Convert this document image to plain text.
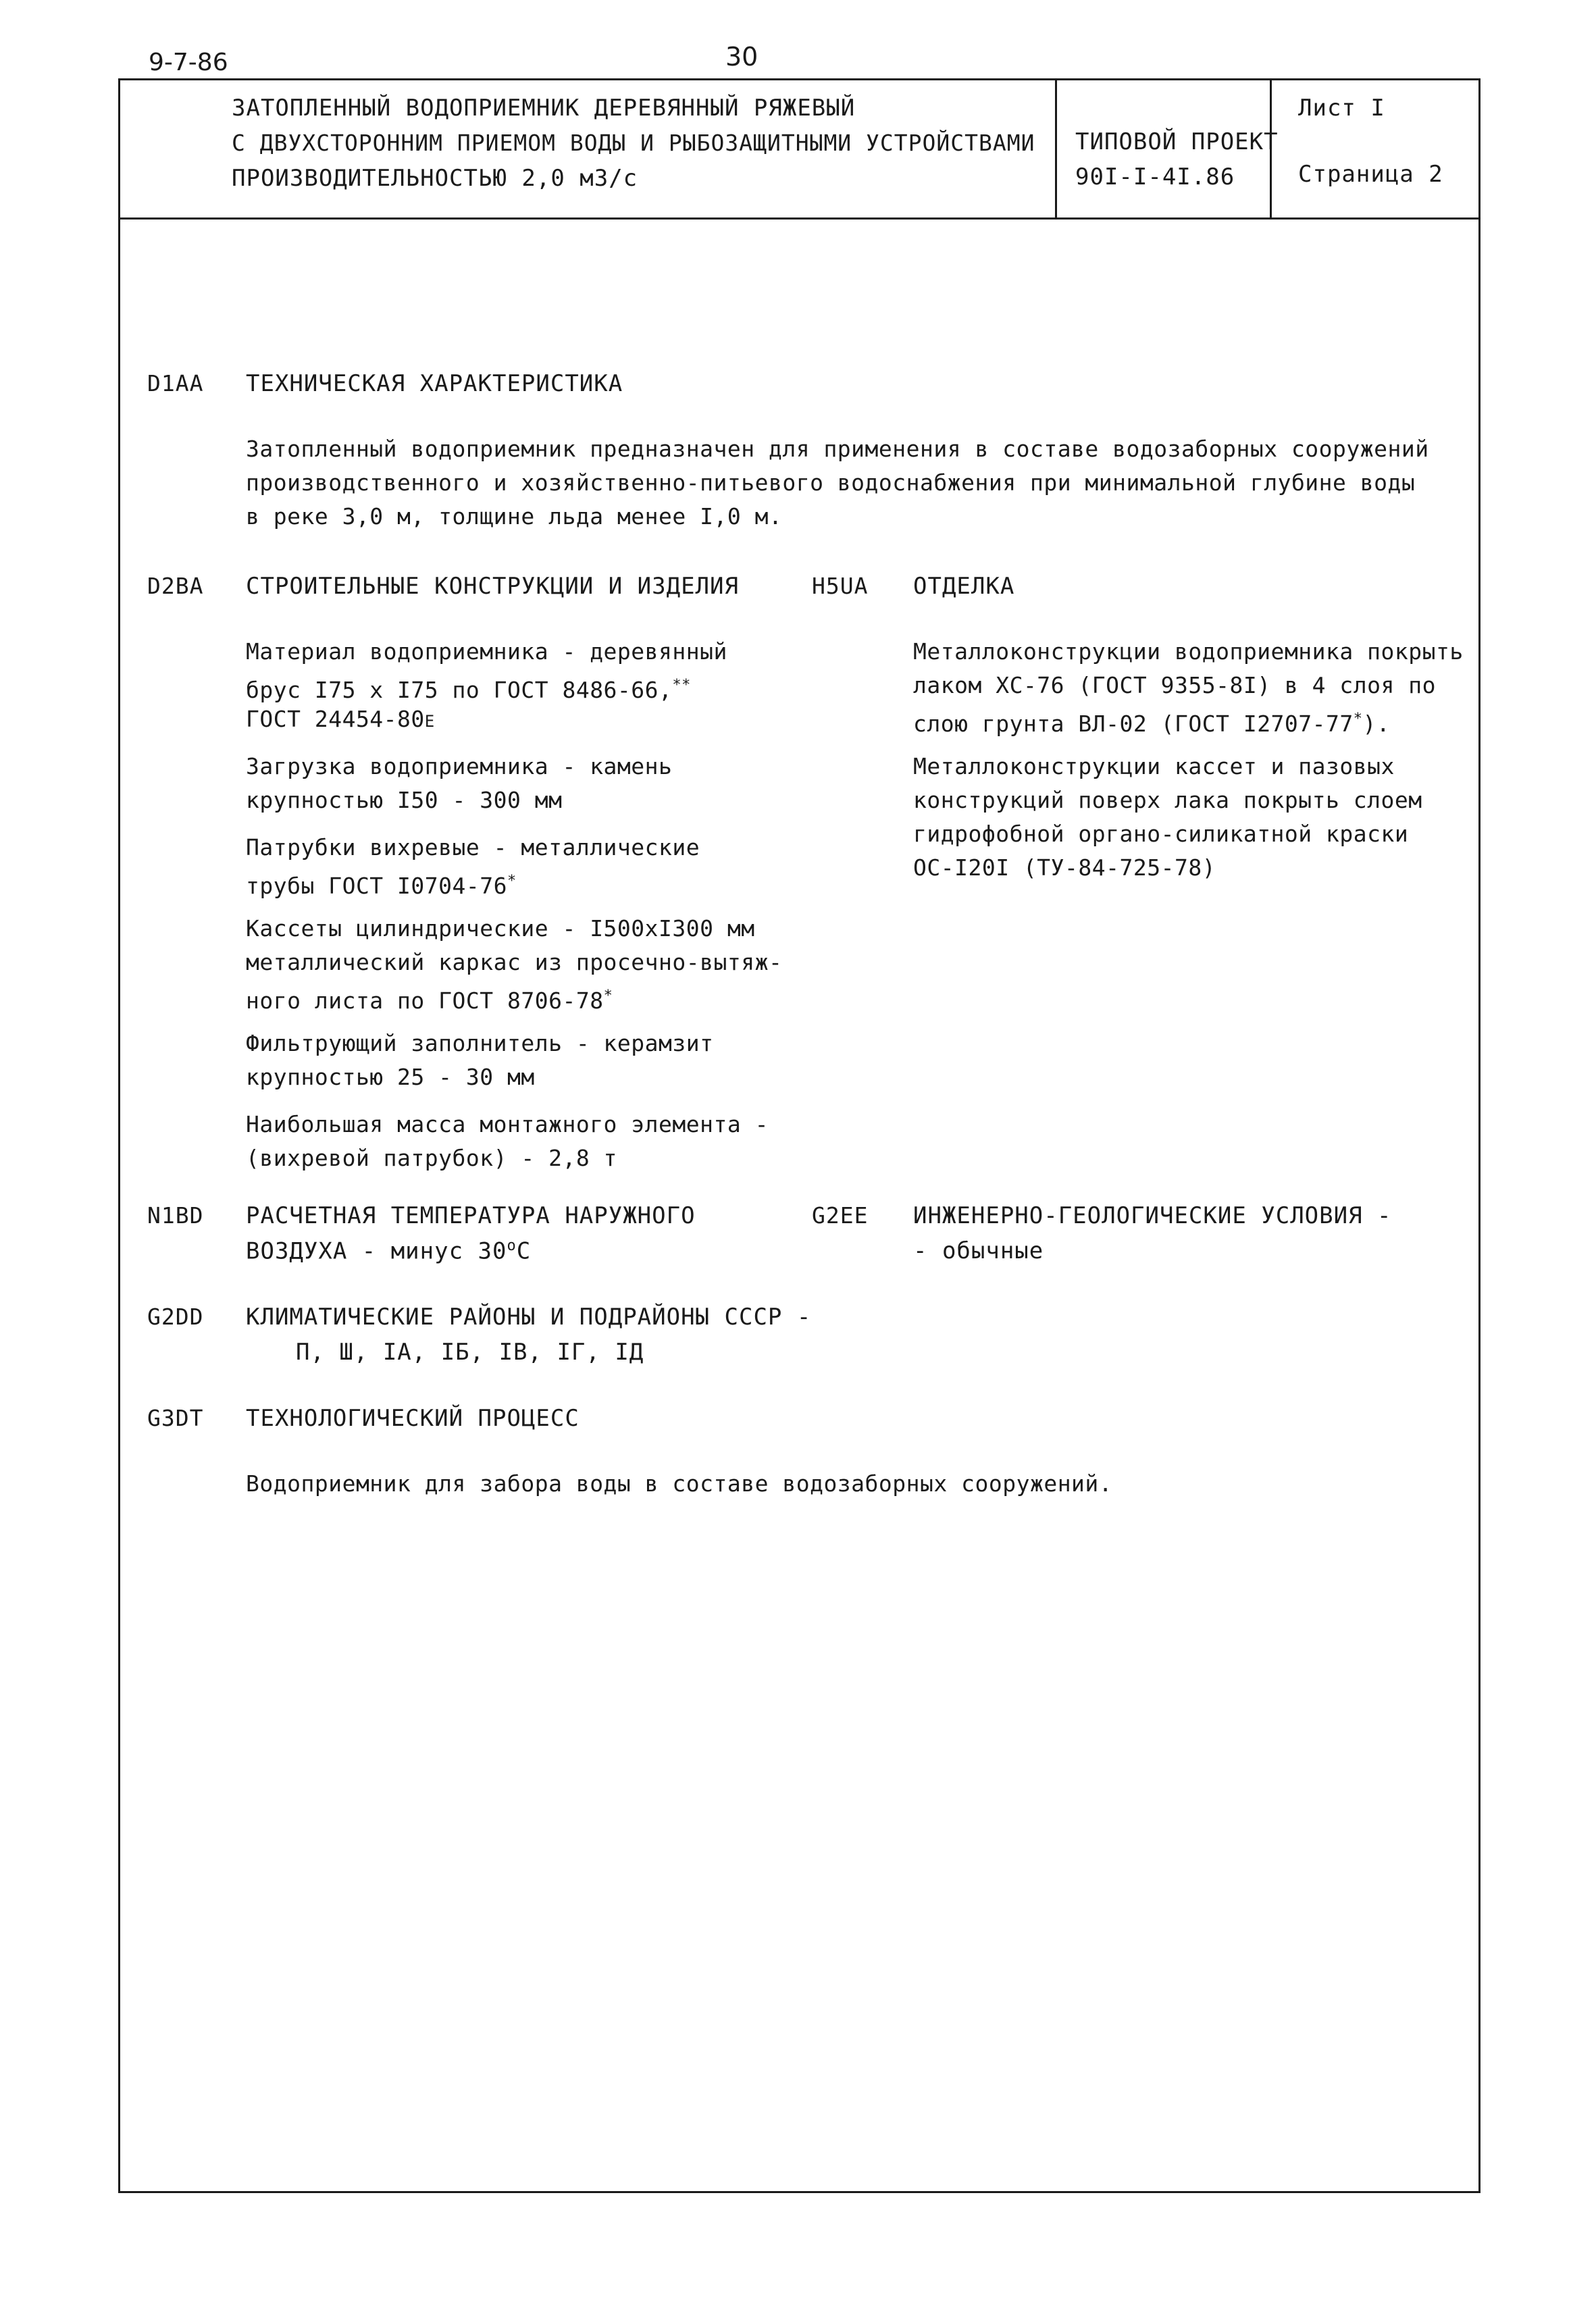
9-7-86	30
ЗАТОПЛЕННЫЙ ВОДОПРИЕМНИК ДЕРЕВЯННЫЙ РЯЖЕВЫЙ
С ДВУХСТОРОННИМ ПРИЕМОМ ВОДЫ И РЫБОЗАЩИТНЫМИ УСТРОЙСТВАМИ
ПРОИЗВОДИТЕЛЬНОСТЬЮ 2,0 м3/с
ТИПОВОЙ ПРОЕКТ
90I-I-4I.86
Лист I
Страница 2
D1AA ТЕХНИЧЕСКАЯ ХАРАКТЕРИСТИКА
Затопленный водоприемник предназначен для применения в составе водозаборных сооружений
производственного и хозяйственно-питьевого водоснабжения при минимальной глубине воды
в реке 3,0 м, толщине льда менее I,0 м.
D2BA СТРОИТЕЛЬНЫЕ КОНСТРУКЦИИ И ИЗДЕЛИЯ
Материал водоприемника - деревянный
брус I75 х I75 по ГОСТ 8486-66,**
ГОСТ 24454-80Е
Загрузка водоприемника - камень
крупностью I50 - 300 мм
Патрубки вихревые - металлические
трубы ГОСТ I0704-76*
Кассеты цилиндрические - I500хI300 мм
металлический каркас из просечно-вытяж-
ного листа по ГОСТ 8706-78*
Фильтрующий заполнитель - керамзит
крупностью 25 - 30 мм
Наибольшая масса монтажного элемента -
(вихревой патрубок) - 2,8 т
H5UA ОТДЕЛКА
Металлоконструкции водоприемника покрыть
лаком ХС-76 (ГОСТ 9355-8I) в 4 слоя по
слою грунта ВЛ-02 (ГОСТ I2707-77*).
Металлоконструкции кассет и пазовых
конструкций поверх лака покрыть слоем
гидрофобной органо-силикатной краски
ОС-I20I (ТУ-84-725-78)
N1BD РАСЧЕТНАЯ ТЕМПЕРАТУРА НАРУЖНОГО
ВОЗДУХА - минус 30$^o$С
G2EE ИНЖЕНЕРНО-ГЕОЛОГИЧЕСКИЕ УСЛОВИЯ -
- обычные
G2DD КЛИМАТИЧЕСКИЕ РАЙОНЫ И ПОДРАЙОНЫ СССР -
П, Ш, IА, IБ, IВ, IГ, IД
G3DT ТЕХНОЛОГИЧЕСКИЙ ПРОЦЕСС
Водоприемник для забора воды в составе водозаборных сооружений.
